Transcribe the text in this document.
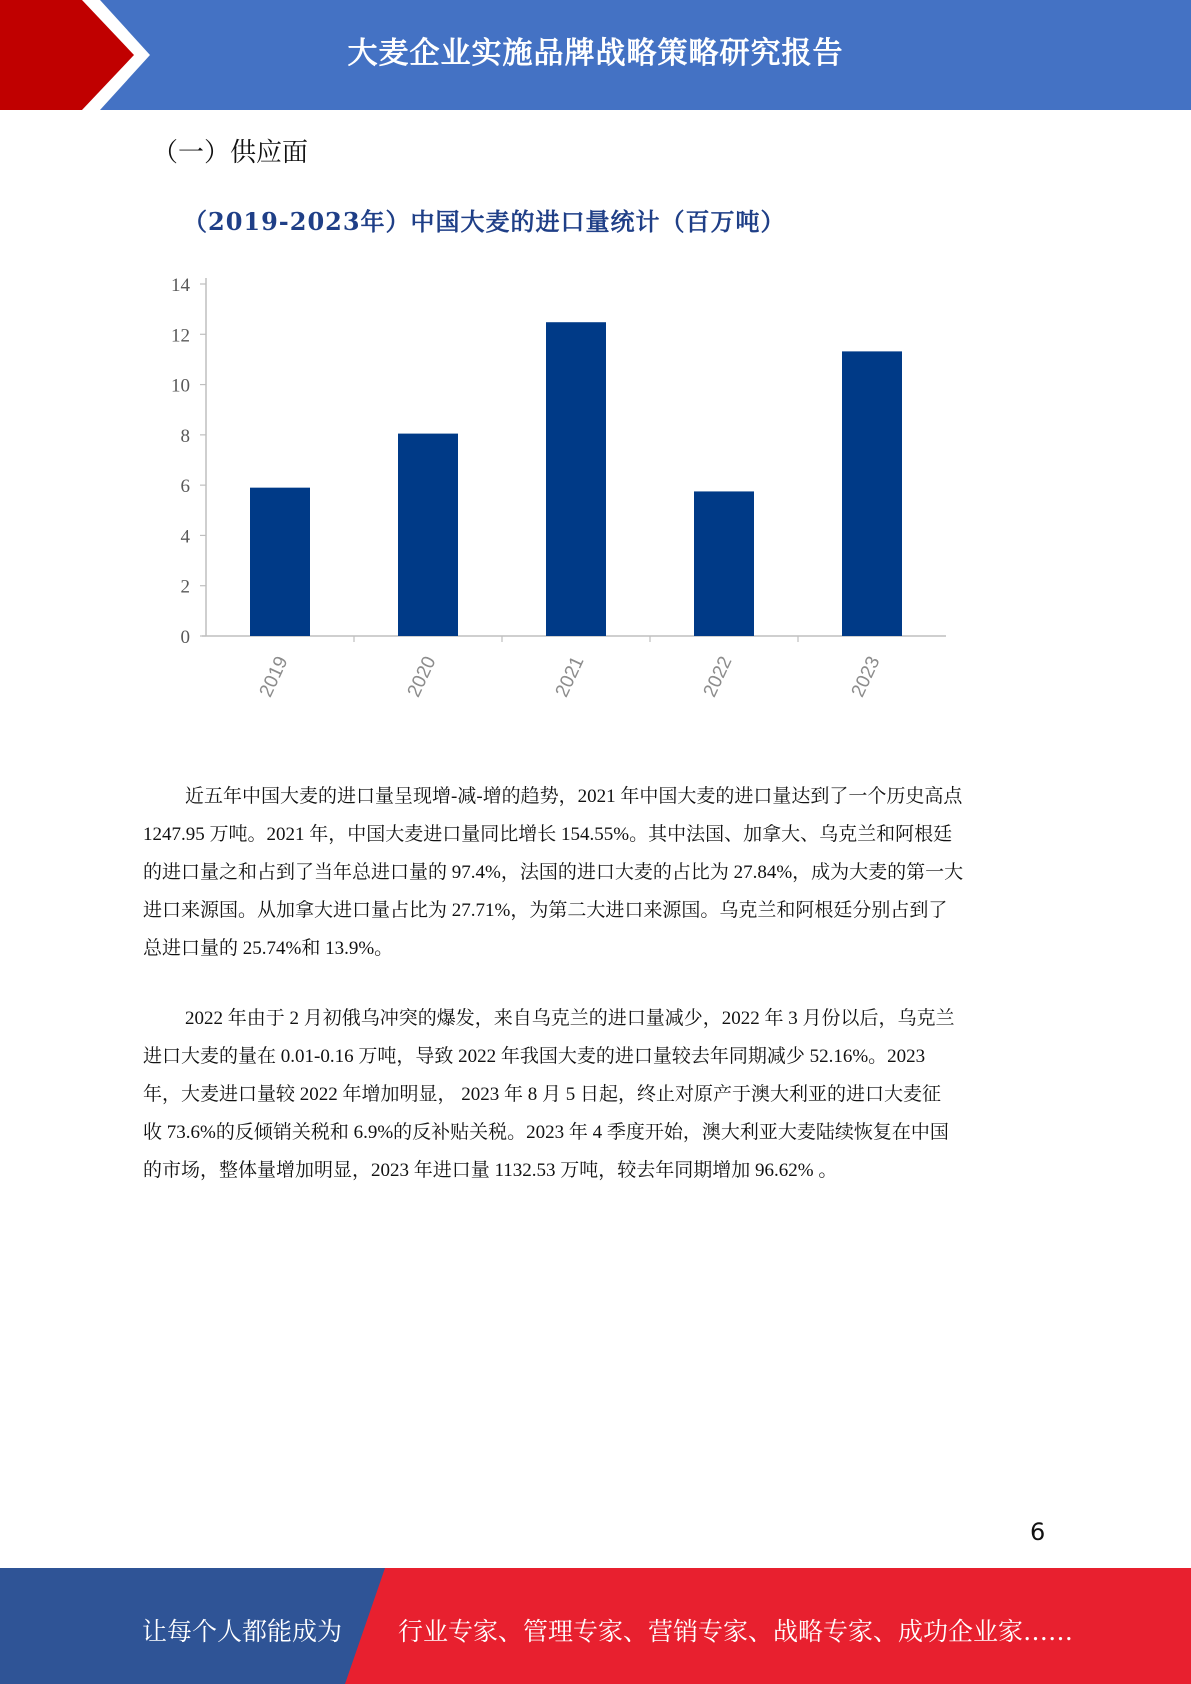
大麦企业实施品牌战略策略研究报告
（一）供应面
（2019-2023年）中国大麦的进口量统计（百万吨）
0
2
4
6
8
10
12
14
2019	2020	2021	2022	2023
近五年中国大麦的进口量呈现增-减-增的趋势，2021 年中国大麦的进口量达到了一个历史高点
1247.95 万吨。2021 年，中国大麦进口量同比增长 154.55%。其中法国、加拿大、乌克兰和阿根廷
的进口量之和占到了当年总进口量的 97.4%，法国的进口大麦的占比为 27.84%，成为大麦的第一大
进口来源国。从加拿大进口量占比为 27.71%，为第二大进口来源国。乌克兰和阿根廷分别占到了
总进口量的 25.74%和 13.9%。
2022 年由于 2 月初俄乌冲突的爆发，来自乌克兰的进口量减少，2022 年 3 月份以后，乌克兰
进口大麦的量在 0.01-0.16 万吨，导致 2022 年我国大麦的进口量较去年同期减少 52.16%。2023
年，大麦进口量较 2022 年增加明显， 2023 年 8 月 5 日起，终止对原产于澳大利亚的进口大麦征
收 73.6%的反倾销关税和 6.9%的反补贴关税。2023 年 4 季度开始，澳大利亚大麦陆续恢复在中国
的市场，整体量增加明显，2023 年进口量 1132.53 万吨，较去年同期增加 96.62% 。
6
让每个人都能成为 行业专家、管理专家、营销专家、战略专家、成功企业家……
